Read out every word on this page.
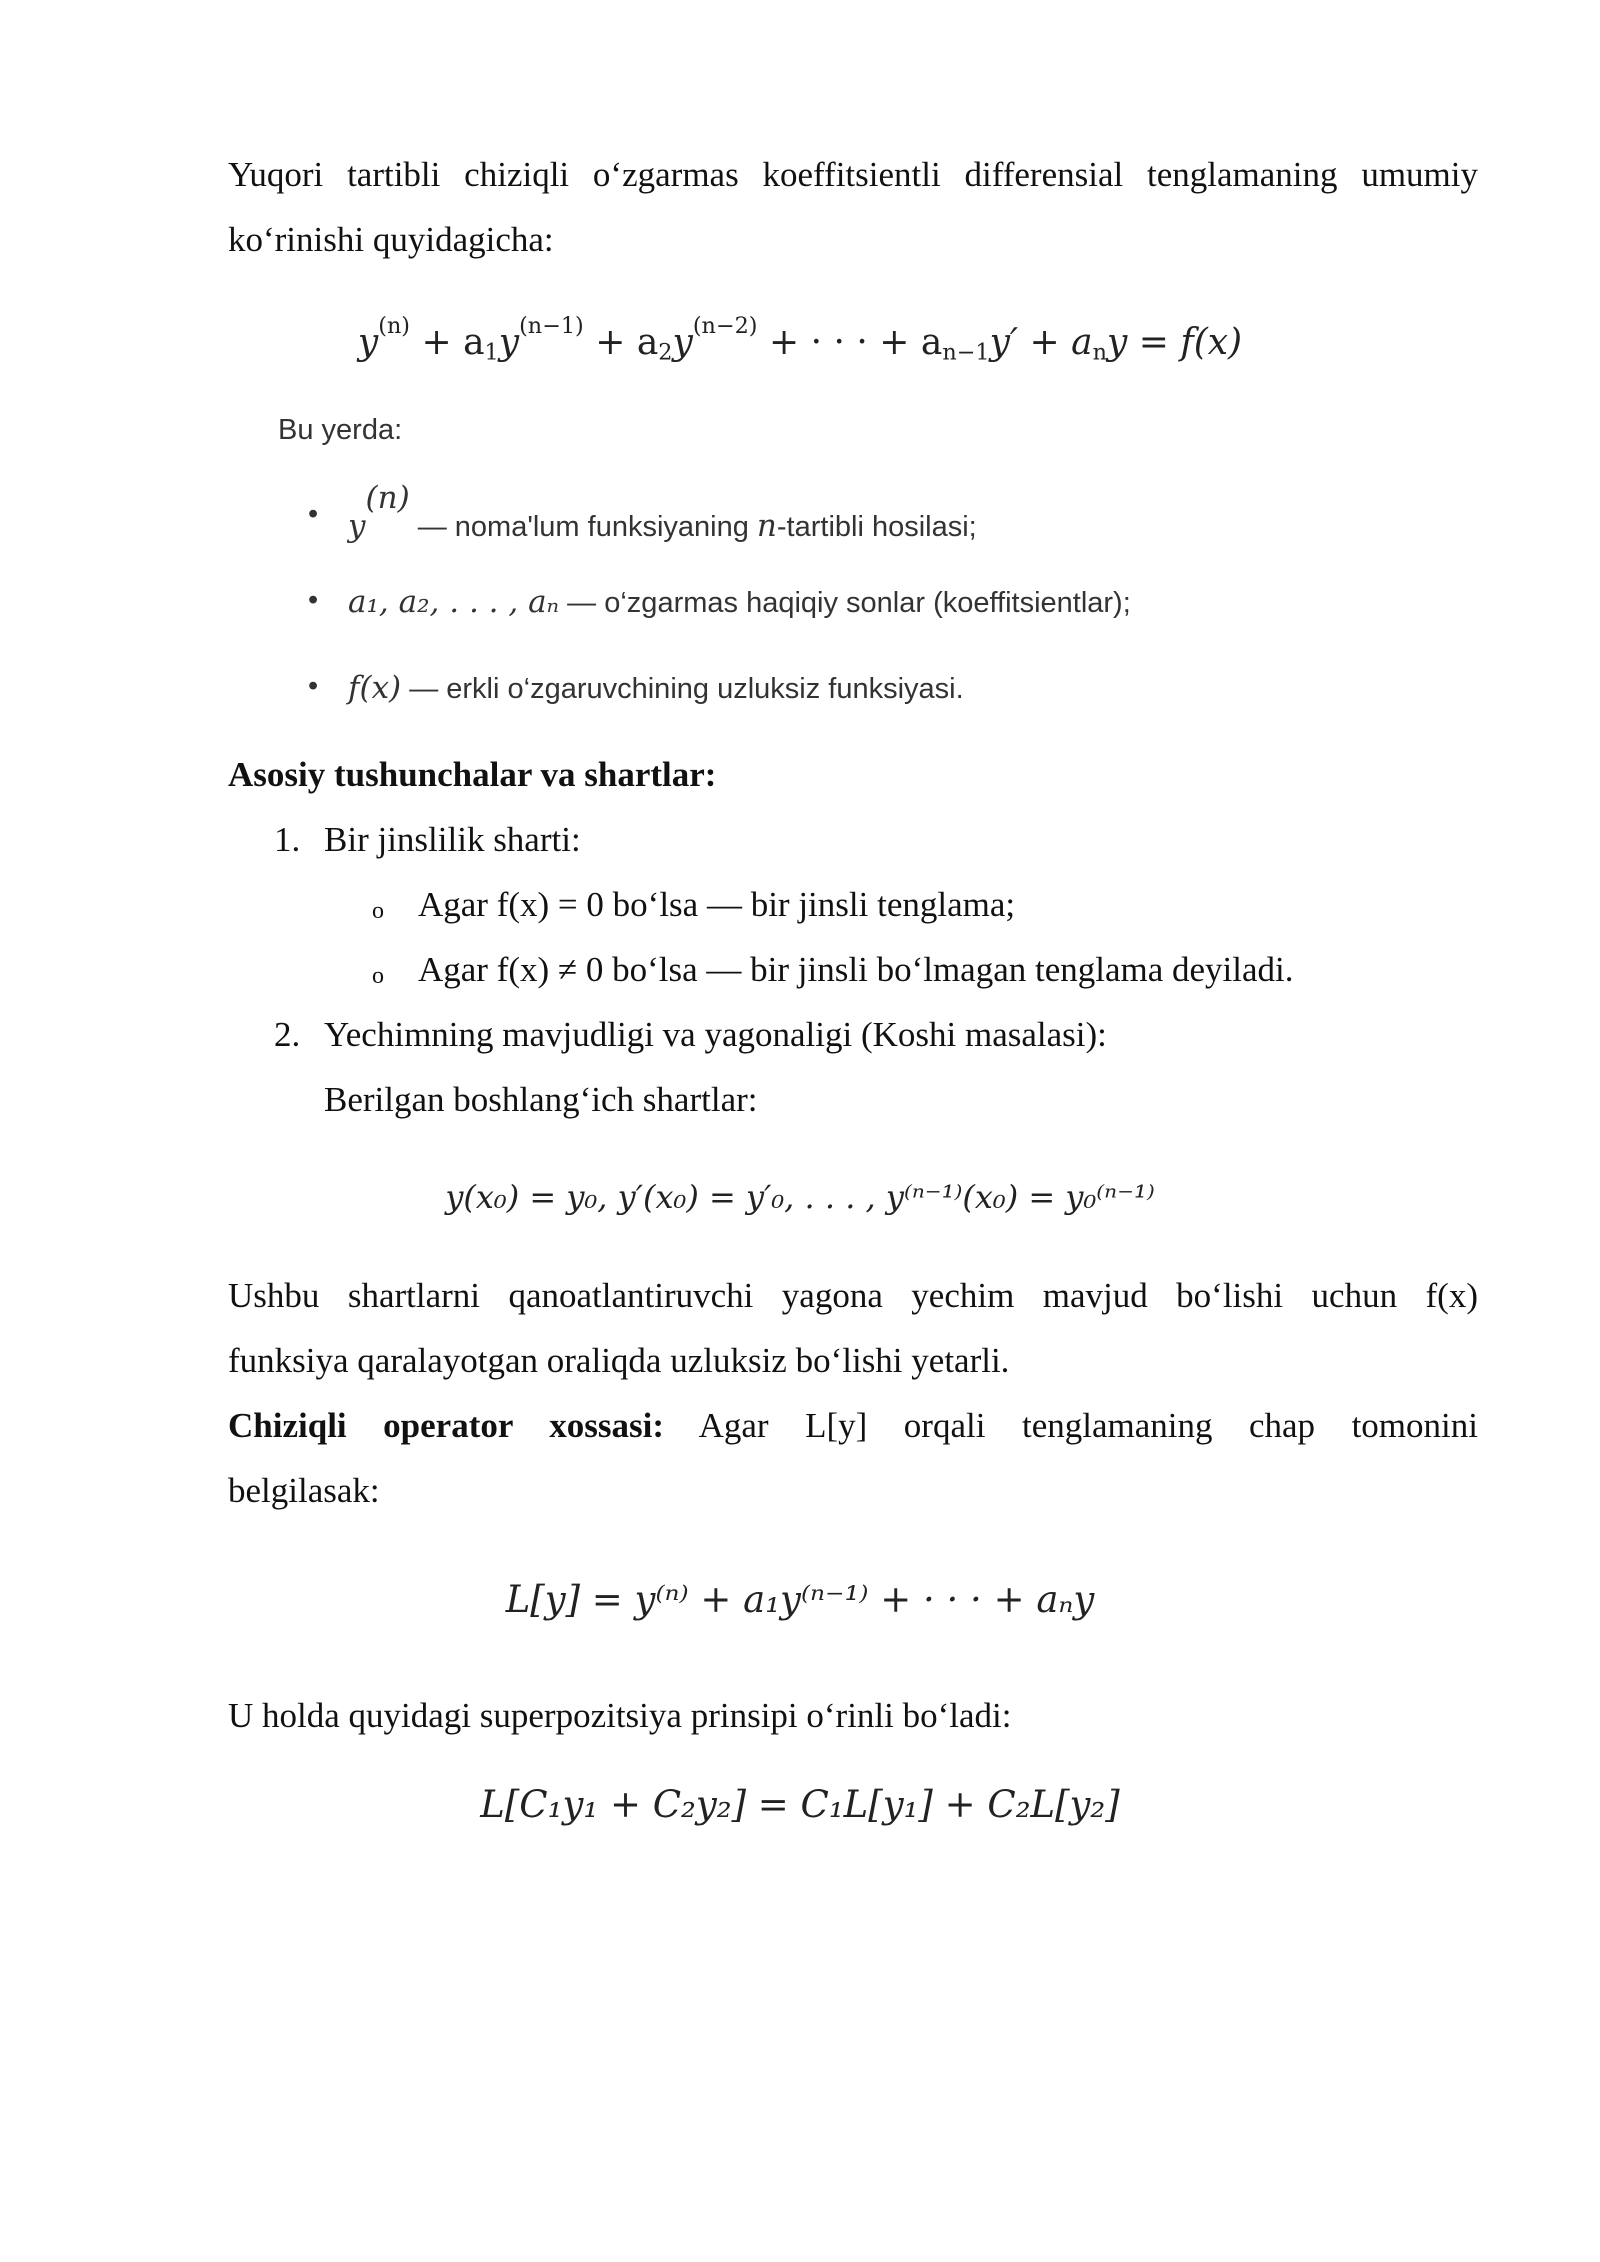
Yuqori tartibli chiziqli o‘zgarmas koeffitsientli differensial tenglamaning umumiy
ko‘rinishi quyidagicha:
$y^{(n)} + a_1y^{(n-1)} + a_2y^{(n-2)}$ + · · · + $a_{n-1}y' + a_ny = f(x)$
Bu yerda:
• $y^{(n)}$ — noma'lum funksiyaning n-tartibli hosilasi;
• a₁, a₂, . . . , aₙ — o‘zgarmas haqiqiy sonlar (koeffitsientlar);
• f(x) — erkli o‘zgaruvchining uzluksiz funksiyasi.
Asosiy tushunchalar va shartlar:
1. Bir jinslilik sharti:
o Agar f(x) = 0 bo‘lsa — bir jinsli tenglama;
o Agar f(x) ≠ 0 bo‘lsa — bir jinsli bo‘lmagan tenglama deyiladi.
2. Yechimning mavjudligi va yagonaligi (Koshi masalasi):
Berilgan boshlang‘ich shartlar:
y(x₀) = y₀, y′(x₀) = y′₀, . . . , y⁽ⁿ⁻¹⁾(x₀) = y₀⁽ⁿ⁻¹⁾
Ushbu shartlarni qanoatlantiruvchi yagona yechim mavjud bo‘lishi uchun f(x)
funksiya qaralayotgan oraliqda uzluksiz bo‘lishi yetarli.
Chiziqli operator xossasi: Agar L[y] orqali tenglamaning chap tomonini
belgilasak:
L[y] = y⁽ⁿ⁾ + a₁y⁽ⁿ⁻¹⁾ + · · · + aₙy
U holda quyidagi superpozitsiya prinsipi o‘rinli bo‘ladi:
L[C₁y₁ + C₂y₂] = C₁L[y₁] + C₂L[y₂]
